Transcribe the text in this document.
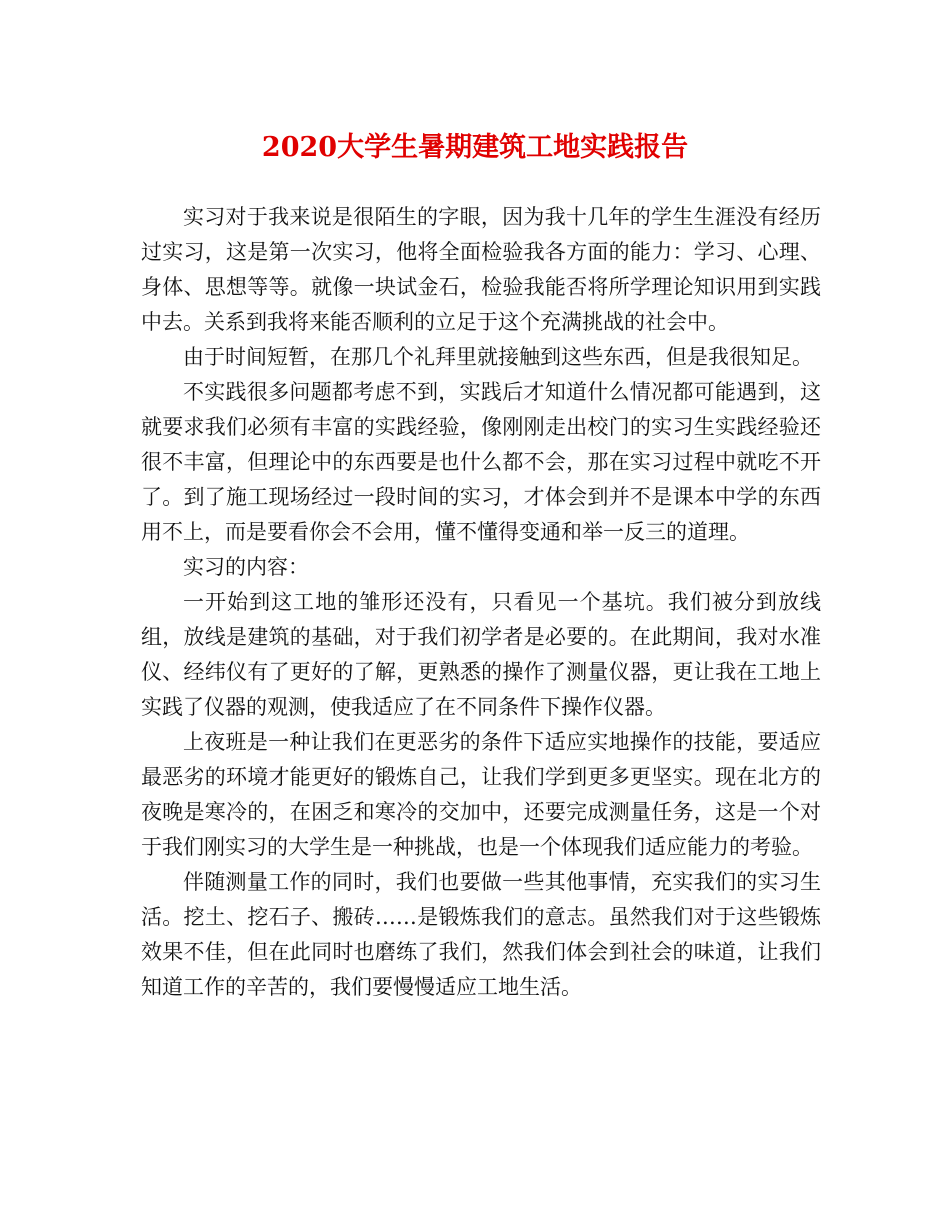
2020大学生暑期建筑工地实践报告

实习对于我来说是很陌生的字眼，因为我十几年的学生生涯没有经历过实习，这是第一次实习，他将全面检验我各方面的能力：学习、心理、身体、思想等等。就像一块试金石，检验我能否将所学理论知识用到实践中去。关系到我将来能否顺利的立足于这个充满挑战的社会中。

由于时间短暂，在那几个礼拜里就接触到这些东西，但是我很知足。

不实践很多问题都考虑不到，实践后才知道什么情况都可能遇到，这就要求我们必须有丰富的实践经验，像刚刚走出校门的实习生实践经验还很不丰富，但理论中的东西要是也什么都不会，那在实习过程中就吃不开了。到了施工现场经过一段时间的实习，才体会到并不是课本中学的东西用不上，而是要看你会不会用，懂不懂得变通和举一反三的道理。

实习的内容：

一开始到这工地的雏形还没有，只看见一个基坑。我们被分到放线组，放线是建筑的基础，对于我们初学者是必要的。在此期间，我对水准仪、经纬仪有了更好的了解，更熟悉的操作了测量仪器，更让我在工地上实践了仪器的观测，使我适应了在不同条件下操作仪器。

上夜班是一种让我们在更恶劣的条件下适应实地操作的技能，要适应最恶劣的环境才能更好的锻炼自己，让我们学到更多更坚实。现在北方的夜晚是寒冷的，在困乏和寒冷的交加中，还要完成测量任务，这是一个对于我们刚实习的大学生是一种挑战，也是一个体现我们适应能力的考验。

伴随测量工作的同时，我们也要做一些其他事情，充实我们的实习生活。挖土、挖石子、搬砖……是锻炼我们的意志。虽然我们对于这些锻炼效果不佳，但在此同时也磨练了我们，然我们体会到社会的味道，让我们知道工作的辛苦的，我们要慢慢适应工地生活。
